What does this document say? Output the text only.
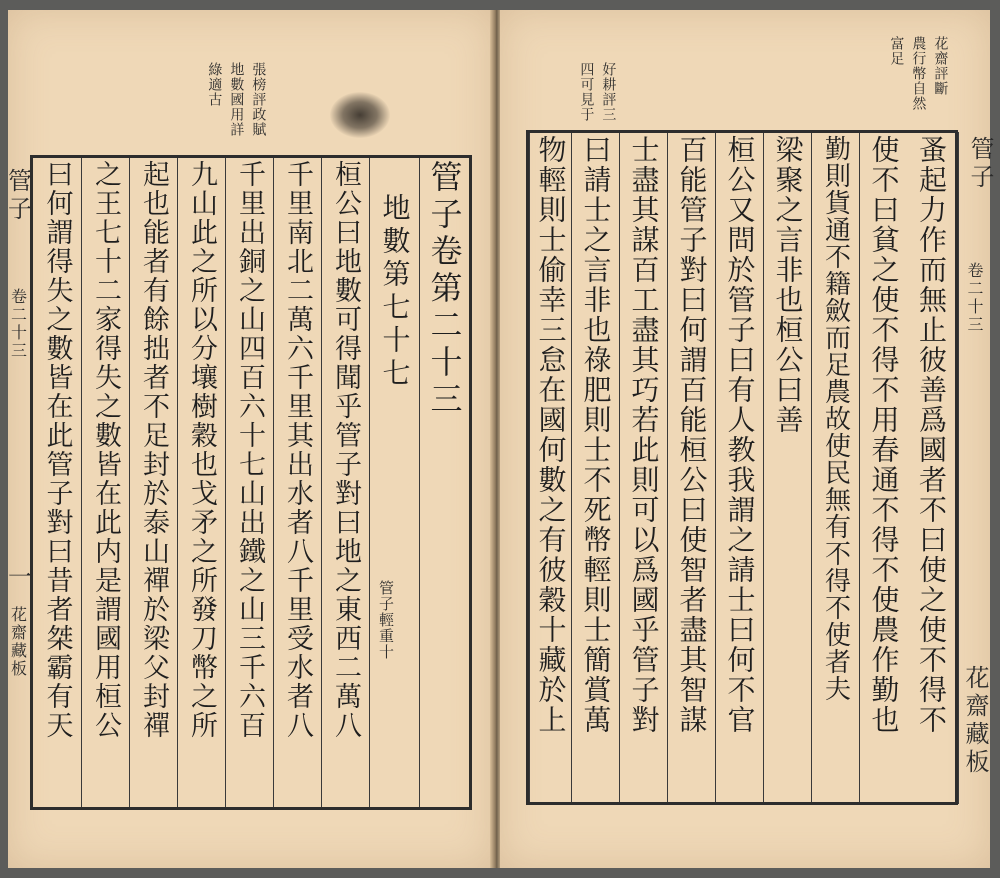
張榜評政賦
地數國用詳
綠適古
管子
卷二十三
一
花齋藏板
管子卷第二十三
　地數第七十七
管子輕重十
桓公曰地數可得聞乎管子對曰地之東西二萬八
千里南北二萬六千里其出水者八千里受水者八
千里出銅之山四百六十七山出鐵之山三千六百
九山此之所以分壤樹穀也戈矛之所發刀幣之所
起也能者有餘拙者不足封於泰山禪於梁父封禪
之王七十二家得失之數皆在此内是謂國用桓公
曰何謂得失之數皆在此管子對曰昔者桀霸有天
花齋評斷
農行幣自然
富足
好耕評三
四可見于
蚤起力作而無止彼善爲國者不曰使之使不得不
使不曰貧之使不得不用春通不得不使農作勤也
勤則貨通不籍斂而足農故使民無有不得不使者夫
梁聚之言非也桓公曰善
桓公又問於管子曰有人教我謂之請士曰何不官
百能管子對曰何謂百能桓公曰使智者盡其智謀
士盡其謀百工盡其巧若此則可以爲國乎管子對
曰請士之言非也祿肥則士不死幣輕則士簡賞萬
物輕則士偷幸三怠在國何數之有彼穀十藏於上	管子
卷二十三
花齋藏板
